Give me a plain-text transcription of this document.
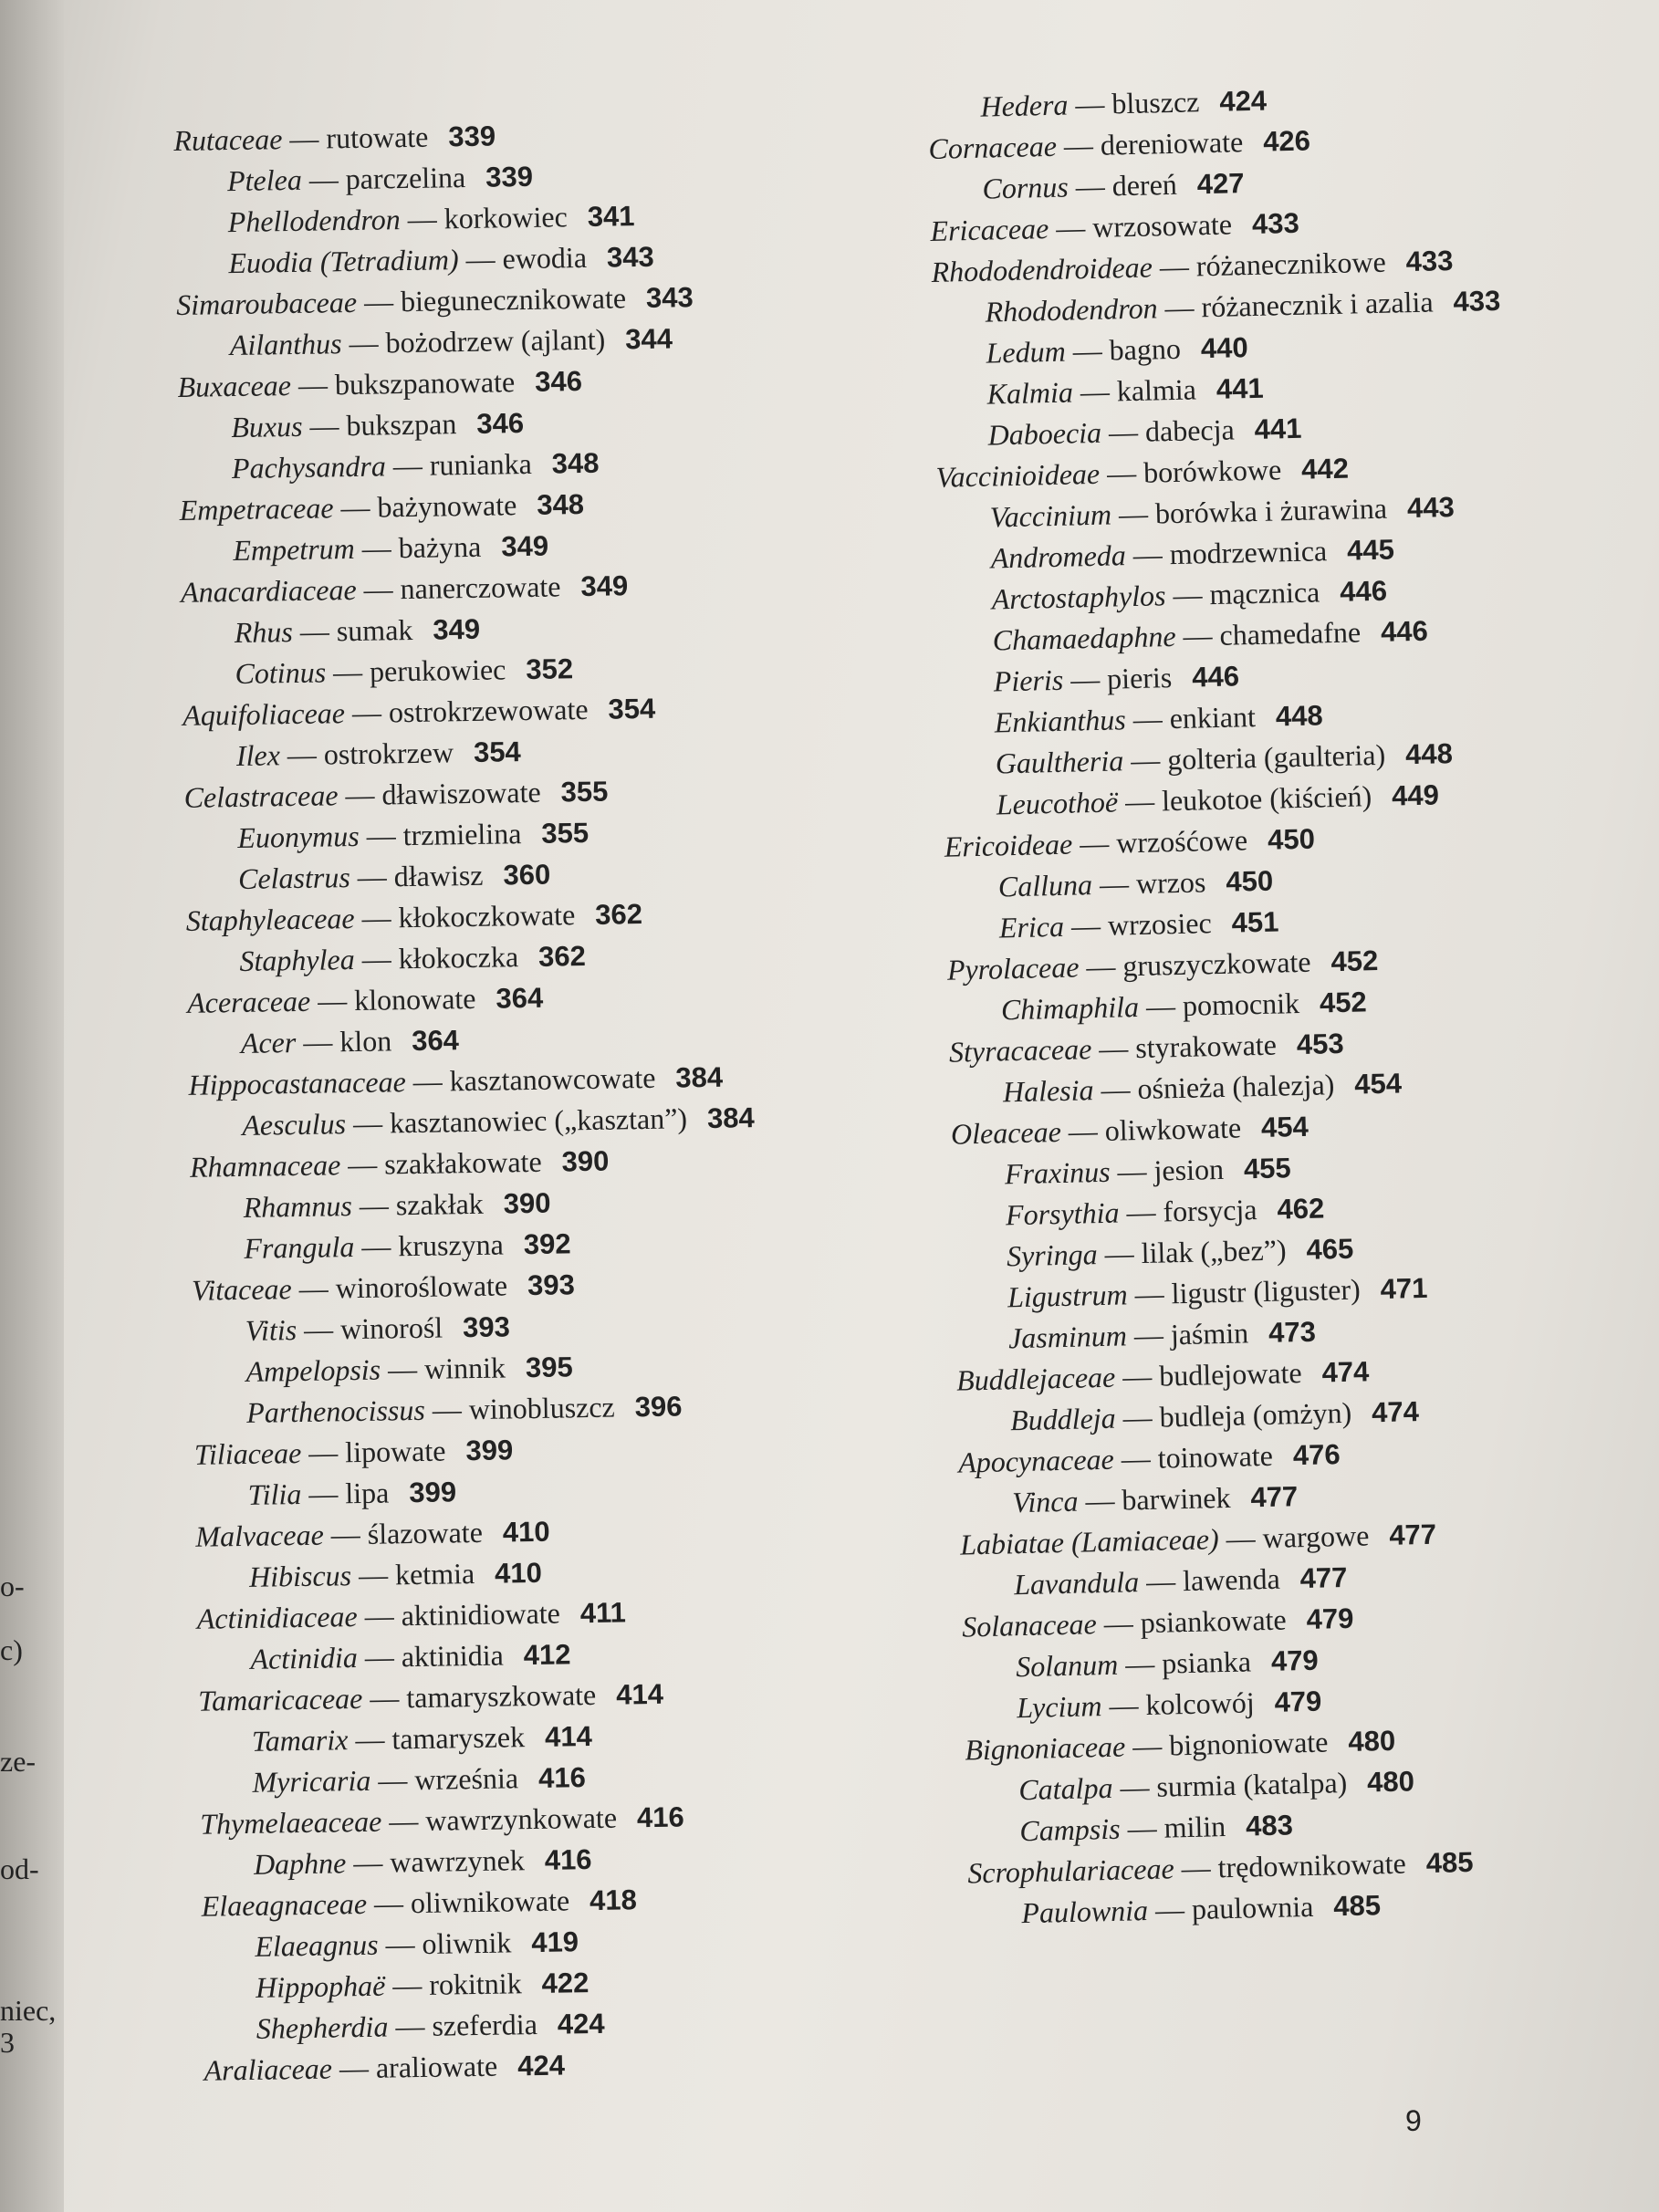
o-
c)
ze-
od-
niec,
3
Rutaceae — rutowate 339
Ptelea — parczelina 339
Phellodendron — korkowiec 341
Euodia (Tetradium) — ewodia 343
Simaroubaceae — biegunecznikowate 343
Ailanthus — bożodrzew (ajlant) 344
Buxaceae — bukszpanowate 346
Buxus — bukszpan 346
Pachysandra — runianka 348
Empetraceae — bażynowate 348
Empetrum — bażyna 349
Anacardiaceae — nanerczowate 349
Rhus — sumak 349
Cotinus — perukowiec 352
Aquifoliaceae — ostrokrzewowate 354
Ilex — ostrokrzew 354
Celastraceae — dławiszowate 355
Euonymus — trzmielina 355
Celastrus — dławisz 360
Staphyleaceae — kłokoczkowate 362
Staphylea — kłokoczka 362
Aceraceae — klonowate 364
Acer — klon 364
Hippocastanaceae — kasztanowcowate 384
Aesculus — kasztanowiec („kasztan”) 384
Rhamnaceae — szakłakowate 390
Rhamnus — szakłak 390
Frangula — kruszyna 392
Vitaceae — winoroślowate 393
Vitis — winorośl 393
Ampelopsis — winnik 395
Parthenocissus — winobluszcz 396
Tiliaceae — lipowate 399
Tilia — lipa 399
Malvaceae — ślazowate 410
Hibiscus — ketmia 410
Actinidiaceae — aktinidiowate 411
Actinidia — aktinidia 412
Tamaricaceae — tamaryszkowate 414
Tamarix — tamaryszek 414
Myricaria — września 416
Thymelaeaceae — wawrzynkowate 416
Daphne — wawrzynek 416
Elaeagnaceae — oliwnikowate 418
Elaeagnus — oliwnik 419
Hippophaë — rokitnik 422
Shepherdia — szeferdia 424
Araliaceae — araliowate 424
Hedera — bluszcz 424
Cornaceae — dereniowate 426
Cornus — dereń 427
Ericaceae — wrzosowate 433
Rhododendroideae — różanecznikowe 433
Rhododendron — różanecznik i azalia 433
Ledum — bagno 440
Kalmia — kalmia 441
Daboecia — dabecja 441
Vaccinioideae — borówkowe 442
Vaccinium — borówka i żurawina 443
Andromeda — modrzewnica 445
Arctostaphylos — mącznica 446
Chamaedaphne — chamedafne 446
Pieris — pieris 446
Enkianthus — enkiant 448
Gaultheria — golteria (gaulteria) 448
Leucothoë — leukotoe (kiścień) 449
Ericoideae — wrzośćowe 450
Calluna — wrzos 450
Erica — wrzosiec 451
Pyrolaceae — gruszyczkowate 452
Chimaphila — pomocnik 452
Styracaceae — styrakowate 453
Halesia — ośnieża (halezja) 454
Oleaceae — oliwkowate 454
Fraxinus — jesion 455
Forsythia — forsycja 462
Syringa — lilak („bez”) 465
Ligustrum — ligustr (liguster) 471
Jasminum — jaśmin 473
Buddlejaceae — budlejowate 474
Buddleja — budleja (omżyn) 474
Apocynaceae — toinowate 476
Vinca — barwinek 477
Labiatae (Lamiaceae) — wargowe 477
Lavandula — lawenda 477
Solanaceae — psiankowate 479
Solanum — psianka 479
Lycium — kolcowój 479
Bignoniaceae — bignoniowate 480
Catalpa — surmia (katalpa) 480
Campsis — milin 483
Scrophulariaceae — trędownikowate 485
Paulownia — paulownia 485
9
